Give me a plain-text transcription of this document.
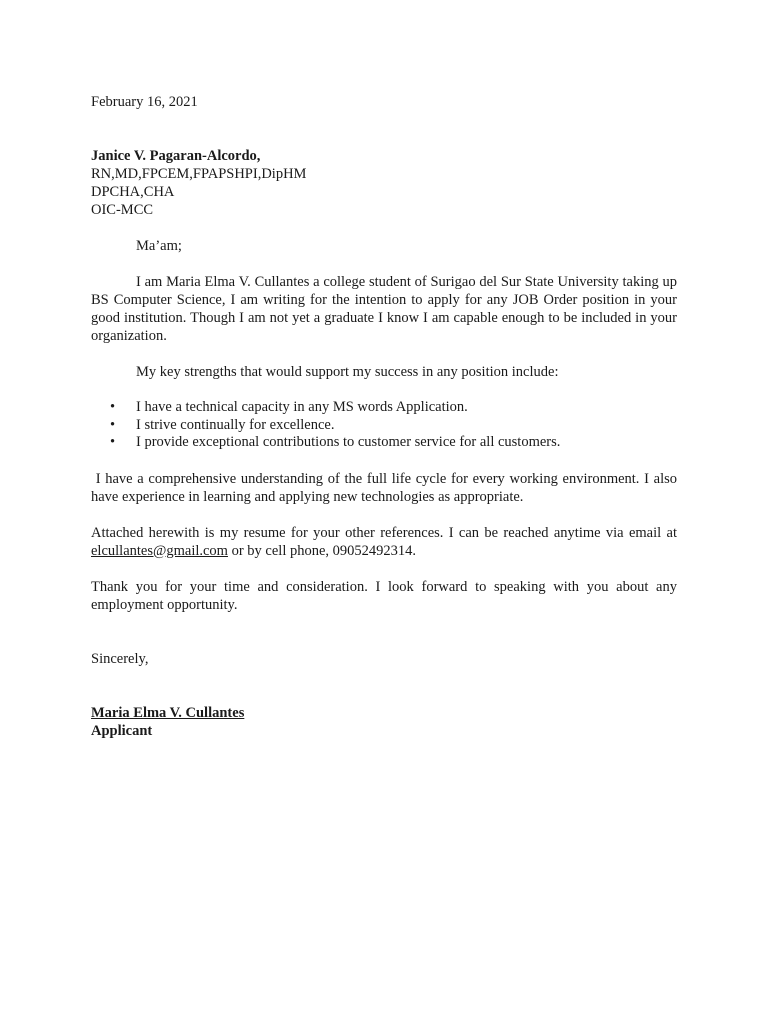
February 16, 2021

Janice V. Pagaran-Alcordo,

RN,MD,FPCEM,FPAPSHPI,DipHM

DPCHA,CHA

OIC-MCC

Ma’am;

I am Maria Elma V. Cullantes a college student of Surigao del Sur State University taking up BS Computer Science, I am writing for the intention to apply for any JOB Order position in your good institution. Though I am not yet a graduate I know I am capable enough to be included in your organization.

My key strengths that would support my success in any position include:

• I have a technical capacity in any MS words Application.
• I strive continually for excellence.
• I provide exceptional contributions to customer service for all customers.

I have a comprehensive understanding of the full life cycle for every working environment. I also have experience in learning and applying new technologies as appropriate.

Attached herewith is my resume for your other references. I can be reached anytime via email at elcullantes@gmail.com or by cell phone, 09052492314.

Thank you for your time and consideration. I look forward to speaking with you about any employment opportunity.

Sincerely,

Maria Elma V. Cullantes

Applicant
